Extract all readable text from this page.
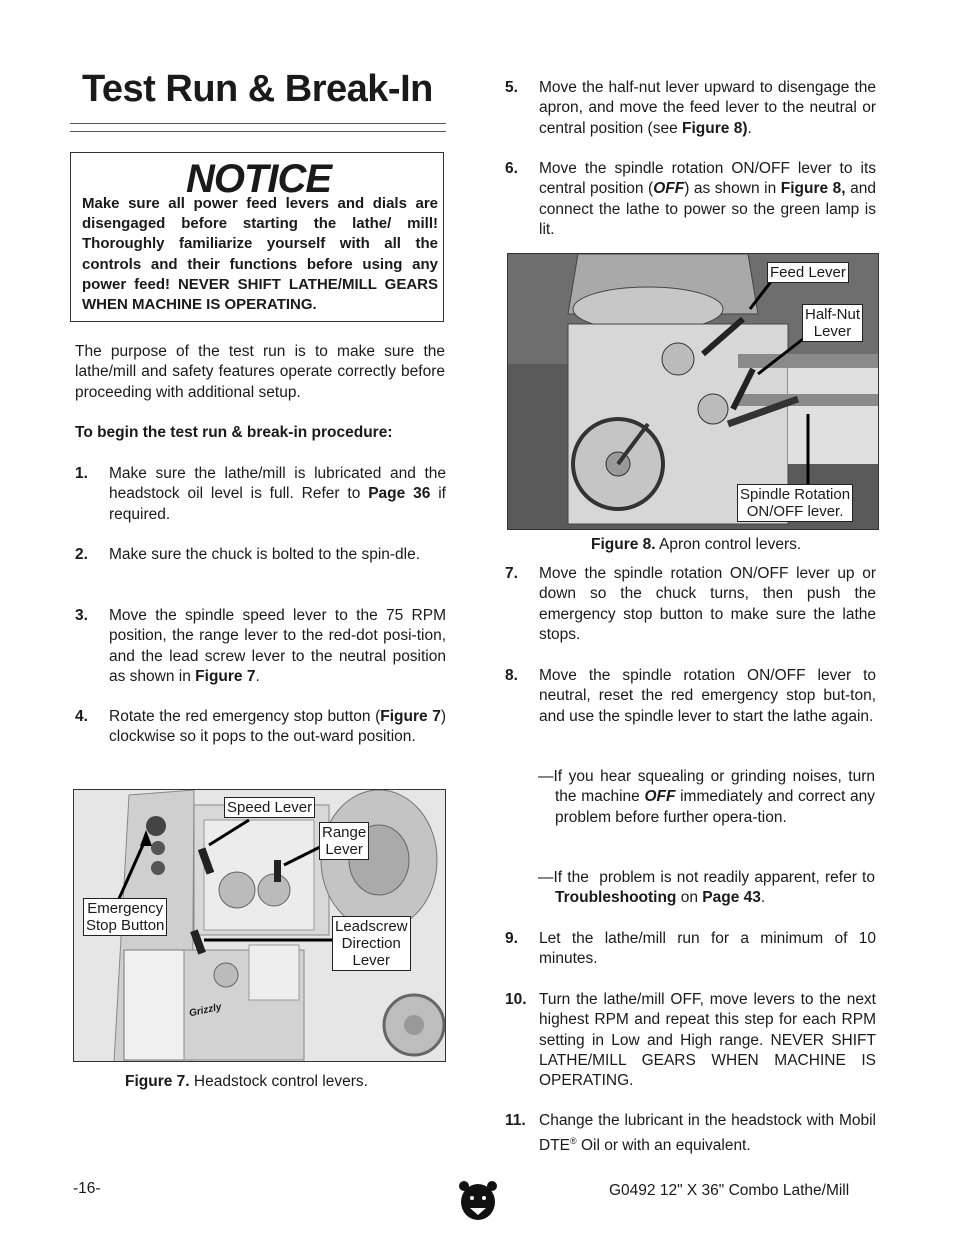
Test Run & Break-In
NOTICE
Make sure all power feed levers and dials are disengaged before starting the lathe/ mill! Thoroughly familiarize yourself with all the controls and their functions before using any power feed! NEVER SHIFT LATHE/MILL GEARS WHEN MACHINE IS OPERATING.
The purpose of the test run is to make sure the lathe/mill and safety features operate correctly before proceeding with additional setup.
To begin the test run & break-in procedure:
1. Make sure the lathe/mill is lubricated and the headstock oil level is full. Refer to Page 36 if required.
2. Make sure the chuck is bolted to the spin-dle.
3. Move the spindle speed lever to the 75 RPM position, the range lever to the red-dot posi-tion, and the lead screw lever to the neutral position as shown in Figure 7.
4. Rotate the red emergency stop button (Figure 7) clockwise so it pops to the out-ward position.
Speed Lever
Range
Lever
Emergency
Stop Button	Leadscrew
Direction
Lever
Grizzly
Figure 7. Headstock control levers.
5. Move the half-nut lever upward to disengage the apron, and move the feed lever to the neutral or central position (see Figure 8).
6. Move the spindle rotation ON/OFF lever to its central position (OFF) as shown in Figure 8, and connect the lathe to power so the green lamp is lit.
Feed Lever
Half-Nut
Lever
Spindle Rotation
ON/OFF lever.
Figure 8. Apron control levers.
7. Move the spindle rotation ON/OFF lever up or down so the chuck turns, then push the emergency stop button to make sure the lathe stops.
8. Move the spindle rotation ON/OFF lever to neutral, reset the red emergency stop but-ton, and use the spindle lever to start the lathe again.
—If you hear squealing or grinding noises, turn the machine OFF immediately and correct any problem before further opera-tion.
—If the  problem is not readily apparent, refer to Troubleshooting on Page 43.
9. Let the lathe/mill run for a minimum of 10 minutes.
10. Turn the lathe/mill OFF, move levers to the next highest RPM and repeat this step for each RPM setting in Low and High range. NEVER SHIFT LATHE/MILL GEARS WHEN MACHINE IS OPERATING.
11. Change the lubricant in the headstock with Mobil DTE® Oil or with an equivalent.
-16-	G0492 12" X 36" Combo Lathe/Mill
